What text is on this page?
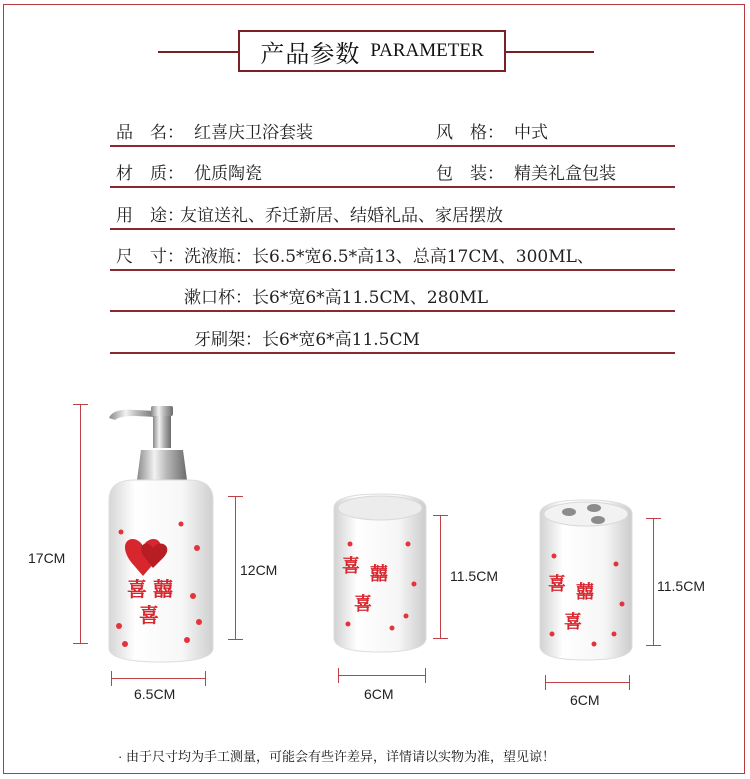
产品参数 PARAMETER
品　名： 红喜庆卫浴套装	风　格： 中式
材　质： 优质陶瓷	包　装： 精美礼盒包装
用　途：
友谊送礼、乔迁新居、结婚礼品、家居摆放
尺　寸： 洗液瓶：长6.5*宽6.5*高13、总高17CM、300ML、
漱口杯：长6*宽6*高11.5CM、280ML
牙刷架：长6*宽6*高11.5CM
17CM
12CM
6.5CM
11.5CM
6CM
11.5CM
6CM
喜 囍
喜
喜 囍
喜
喜 囍
喜
· 由于尺寸均为手工测量，可能会有些许差异，详情请以实物为准，望见谅！
